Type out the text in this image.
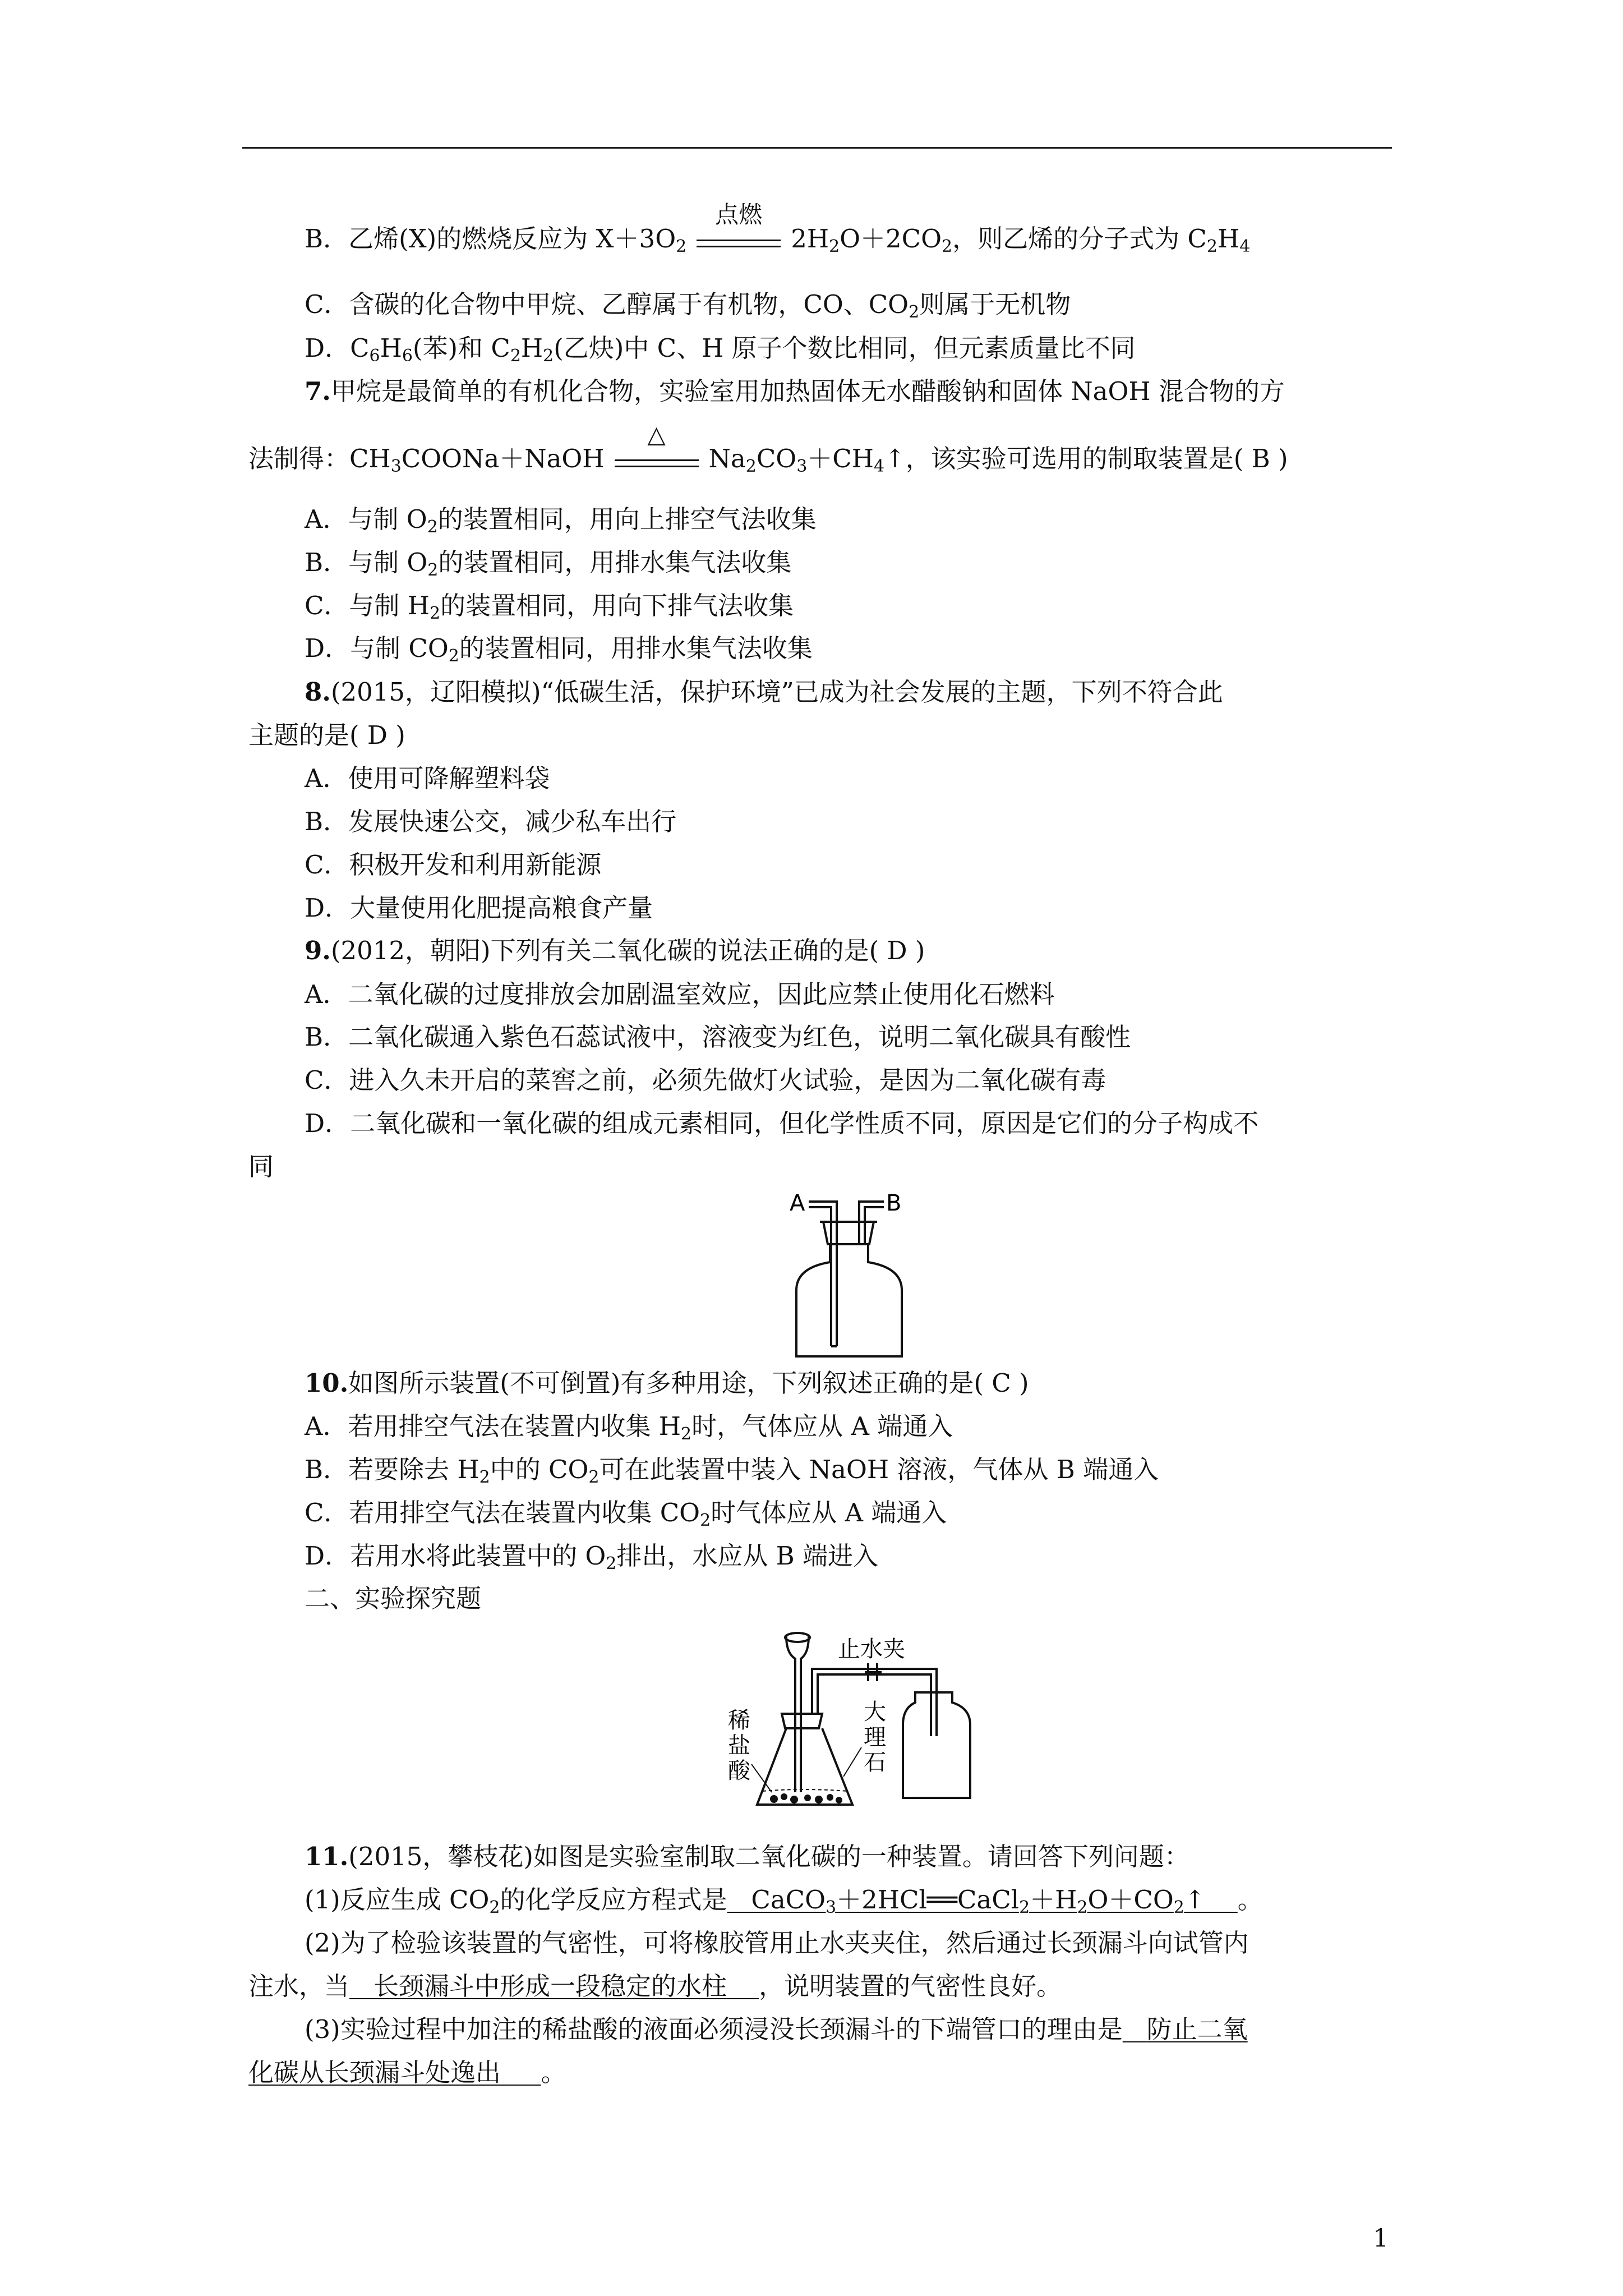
B．乙烯(X)的燃烧反应为 $X+3O_2$
点燃
$2H_2O+2CO_2$，则乙烯的分子式为 $C_2H_4$
C．含碳的化合物中甲烷、乙醇属于有机物，CO、$CO_2$则属于无机物
D．$C_6H_6$(苯)和 $C_2H_2$(乙炔)中 C、H 原子个数比相同，但元素质量比不同
7.甲烷是最简单的有机化合物，实验室用加热固体无水醋酸钠和固体 NaOH 混合物的方
法制得：$CH_3COONa+NaOH$
△
$Na_2CO_3+CH_4↑$，该实验可选用的制取装置是( B )
A．与制 $O_2$的装置相同，用向上排空气法收集
B．与制 $O_2$的装置相同，用排水集气法收集
C．与制 $H_2$的装置相同，用向下排气法收集
D．与制 $CO_2$的装置相同，用排水集气法收集
8.(2015，辽阳模拟)“低碳生活，保护环境”已成为社会发展的主题，下列不符合此
主题的是( D )
A．使用可降解塑料袋
B．发展快速公交，减少私车出行
C．积极开发和利用新能源
D．大量使用化肥提高粮食产量
9.(2012，朝阳)下列有关二氧化碳的说法正确的是( D )
A．二氧化碳的过度排放会加剧温室效应，因此应禁止使用化石燃料
B．二氧化碳通入紫色石蕊试液中，溶液变为红色，说明二氧化碳具有酸性
C．进入久未开启的菜窖之前，必须先做灯火试验，是因为二氧化碳有毒
D．二氧化碳和一氧化碳的组成元素相同，但化学性质不同，原因是它们的分子构成不
同
A	B
10.如图所示装置(不可倒置)有多种用途，下列叙述正确的是( C )
A．若用排空气法在装置内收集 $H_2$时，气体应从 A 端通入
B．若要除去 $H_2$中的 $CO_2$可在此装置中装入 NaOH 溶液，气体从 B 端通入
C．若用排空气法在装置内收集 $CO_2$时气体应从 A 端通入
D．若用水将此装置中的 $O_2$排出，水应从 B 端进入
二、实验探究题
止水夹
稀
盐
酸
大
理
石
11.(2015，攀枝花)如图是实验室制取二氧化碳的一种装置。请回答下列问题：
(1)反应生成 $CO_2$的化学反应方程式是 $CaCO_3+2HCl══CaCl_2+H_2O+CO_2↑$ 。
(2)为了检验该装置的气密性，可将橡胶管用止水夹夹住，然后通过长颈漏斗向试管内
注水，当 长颈漏斗中形成一段稳定的水柱 ，说明装置的气密性良好。
(3)实验过程中加注的稀盐酸的液面必须浸没长颈漏斗的下端管口的理由是 防止二氧
化碳从长颈漏斗处逸出 。
1
